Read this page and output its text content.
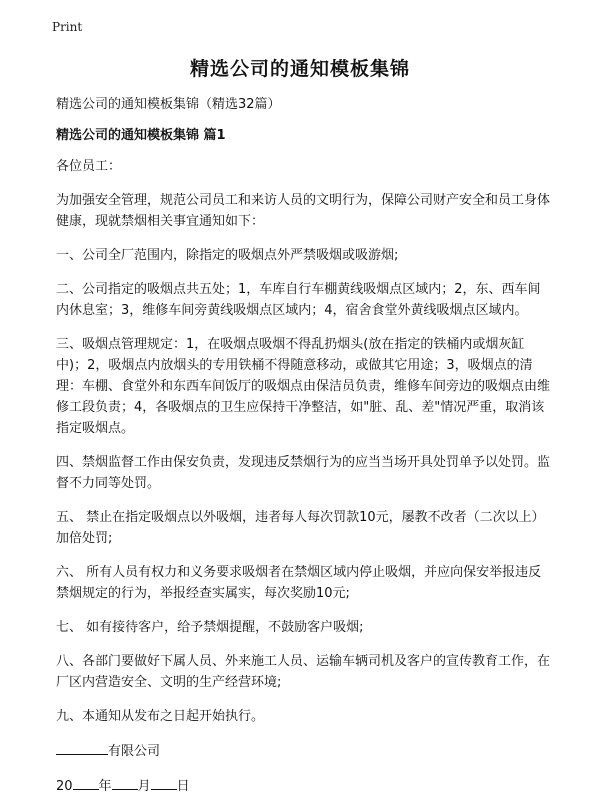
Print
精选公司的通知模板集锦

精选公司的通知模板集锦（精选32篇）

精选公司的通知模板集锦 篇1

各位员工：

为加强安全管理，规范公司员工和来访人员的文明行为，保障公司财产安全和员工身体健康，现就禁烟相关事宜通知如下：

一、公司全厂范围内，除指定的吸烟点外严禁吸烟或吸游烟;

二、公司指定的吸烟点共五处；1，车库自行车棚黄线吸烟点区域内；2，东、西车间内休息室；3，维修车间旁黄线吸烟点区域内；4，宿舍食堂外黄线吸烟点区域内。

三、吸烟点管理规定：1，在吸烟点吸烟不得乱扔烟头(放在指定的铁桶内或烟灰缸中)；2，吸烟点内放烟头的专用铁桶不得随意移动，或做其它用途；3，吸烟点的清理：车棚、食堂外和东西车间饭厅的吸烟点由保洁员负责，维修车间旁边的吸烟点由维修工段负责；4，各吸烟点的卫生应保持干净整洁，如"脏、乱、差"情况严重，取消该指定吸烟点。

四、禁烟监督工作由保安负责，发现违反禁烟行为的应当当场开具处罚单予以处罚。监督不力同等处罚。

五、 禁止在指定吸烟点以外吸烟，违者每人每次罚款10元，屡教不改者（二次以上）加倍处罚;

六、 所有人员有权力和义务要求吸烟者在禁烟区域内停止吸烟，并应向保安举报违反禁烟规定的行为，举报经查实属实，每次奖励10元;

七、 如有接待客户，给予禁烟提醒，不鼓励客户吸烟;

八、各部门要做好下属人员、外来施工人员、运输车辆司机及客户的宣传教育工作，在厂区内营造安全、文明的生产经营环境;

九、本通知从发布之日起开始执行。

有限公司

20 年 月 日
